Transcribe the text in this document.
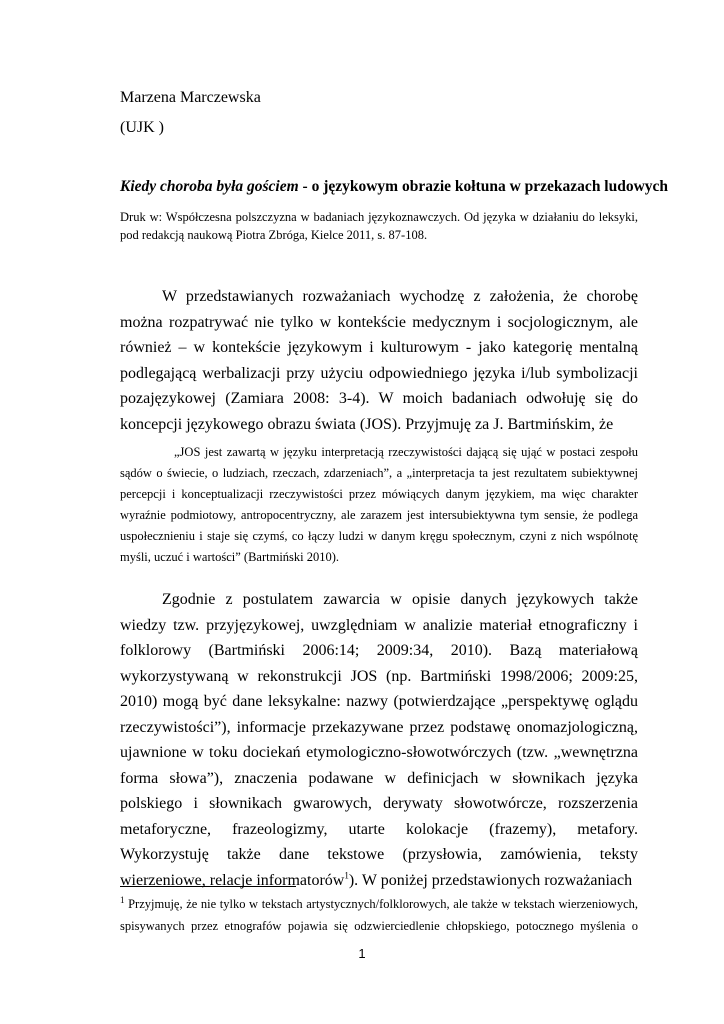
Marzena Marczewska
(UJK )
Kiedy choroba była gościem - o językowym obrazie kołtuna w przekazach ludowych
Druk w: Współczesna polszczyzna w badaniach językoznawczych. Od języka w działaniu do leksyki, pod redakcją naukową Piotra Zbróga, Kielce 2011, s. 87-108.

W przedstawianych rozważaniach wychodzę z założenia, że chorobę można rozpatrywać nie tylko w kontekście medycznym i socjologicznym, ale również – w kontekście językowym i kulturowym - jako kategorię mentalną podlegającą werbalizacji przy użyciu odpowiedniego języka i/lub symbolizacji pozajęzykowej (Zamiara 2008: 3-4). W moich badaniach odwołuję się do koncepcji językowego obrazu świata (JOS). Przyjmuję za J. Bartmińskim, że

„JOS jest zawartą w języku interpretacją rzeczywistości dającą się ująć w postaci zespołu sądów o świecie, o ludziach, rzeczach, zdarzeniach”, a „interpretacja ta jest rezultatem subiektywnej percepcji i konceptualizacji rzeczywistości przez mówiących danym językiem, ma więc charakter wyraźnie podmiotowy, antropocentryczny, ale zarazem jest intersubiektywna tym sensie, że podlega uspołecznieniu i staje się czymś, co łączy ludzi w danym kręgu społecznym, czyni z nich wspólnotę myśli, uczuć i wartości” (Bartmiński 2010).

Zgodnie z postulatem zawarcia w opisie danych językowych także wiedzy tzw. przyjęzykowej, uwzględniam w analizie materiał etnograficzny i folklorowy (Bartmiński 2006:14; 2009:34, 2010). Bazą materiałową wykorzystywaną w rekonstrukcji JOS (np. Bartmiński 1998/2006; 2009:25, 2010) mogą być dane leksykalne: nazwy (potwierdzające „perspektywę oglądu rzeczywistości”), informacje przekazywane przez podstawę onomazjologiczną, ujawnione w toku dociekań etymologiczno-słowotwórczych (tzw. „wewnętrzna forma słowa”), znaczenia podawane w definicjach w słownikach języka polskiego i słownikach gwarowych, derywaty słowotwórcze, rozszerzenia metaforyczne, frazeologizmy, utarte kolokacje (frazemy), metafory. Wykorzystuję także dane tekstowe (przysłowia, zamówienia, teksty wierzeniowe, relacje informatorów$^1$). W poniżej przedstawionych rozważaniach

$^1$ Przyjmuję, że nie tylko w tekstach artystycznych/folklorowych, ale także w tekstach wierzeniowych, spisywanych przez etnografów pojawia się odzwierciedlenie chłopskiego, potocznego myślenia o

1
